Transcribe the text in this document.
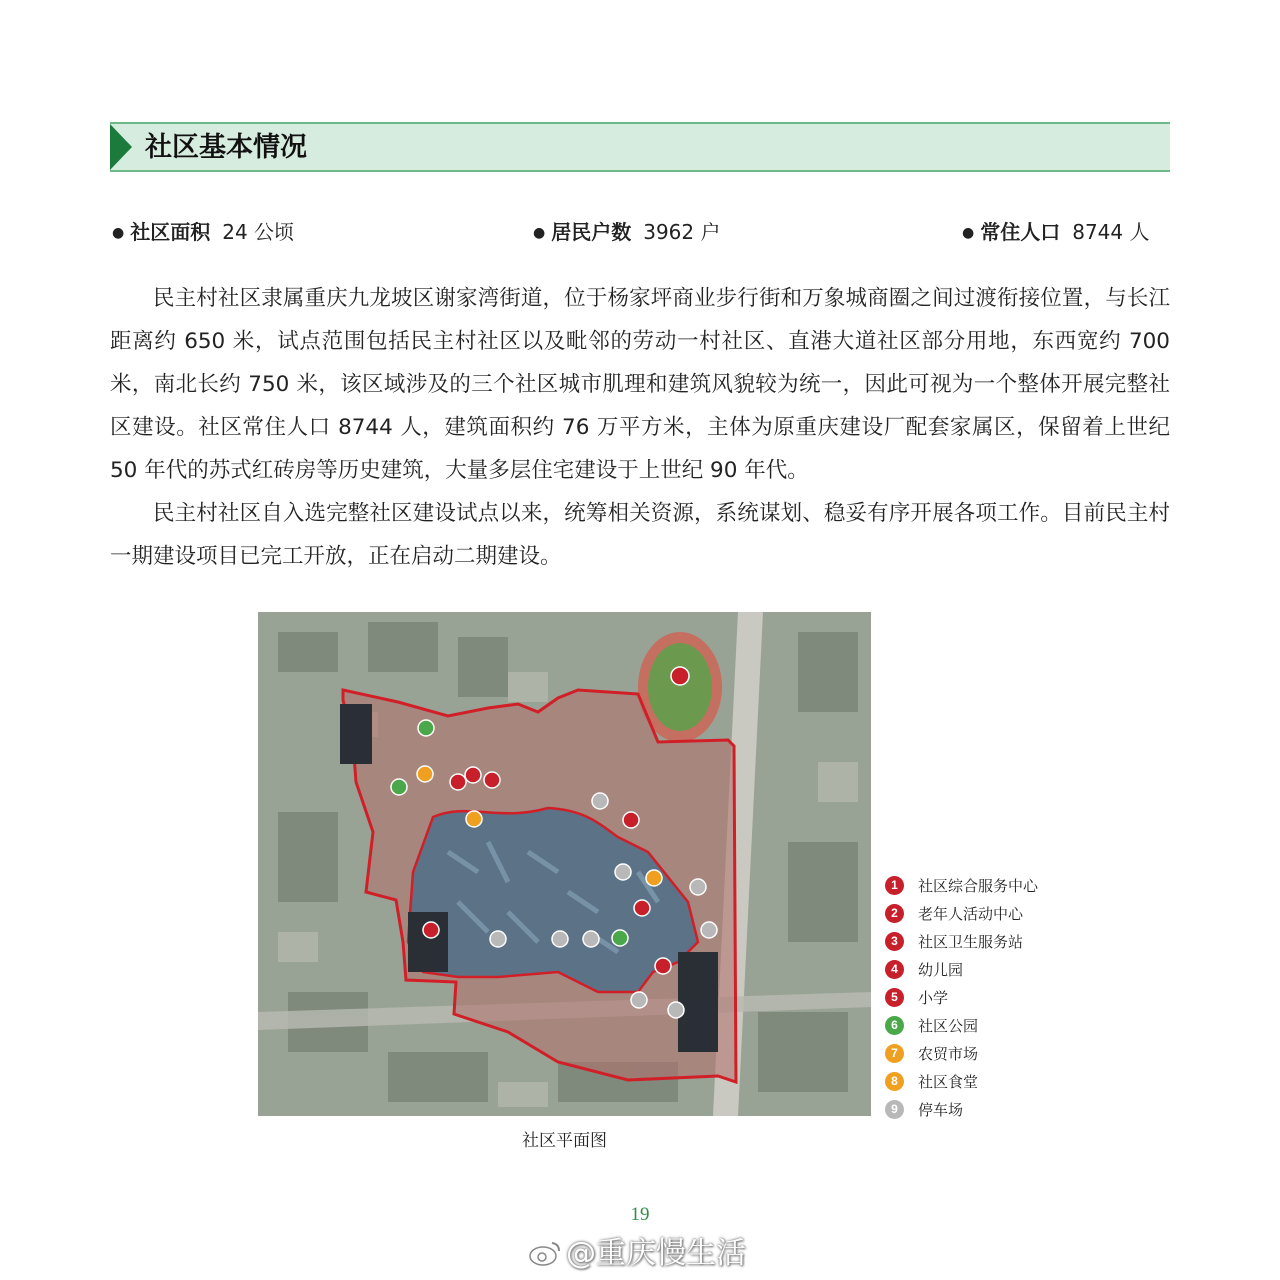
社区基本情况
● 社区面积 24 公顷	● 居民户数 3962 户	● 常住人口 8744 人

民主村社区隶属重庆九龙坡区谢家湾街道，位于杨家坪商业步行街和万象城商圈之间过渡衔接位置，与长江距离约 650 米，试点范围包括民主村社区以及毗邻的劳动一村社区、直港大道社区部分用地，东西宽约 700 米，南北长约 750 米，该区域涉及的三个社区城市肌理和建筑风貌较为统一，因此可视为一个整体开展完整社区建设。社区常住人口 8744 人，建筑面积约 76 万平方米，主体为原重庆建设厂配套家属区，保留着上世纪 50 年代的苏式红砖房等历史建筑，大量多层住宅建设于上世纪 90 年代。

民主村社区自入选完整社区建设试点以来，统筹相关资源，系统谋划、稳妥有序开展各项工作。目前民主村一期建设项目已完工开放，正在启动二期建设。

社区平面图
1	社区综合服务中心
2	老年人活动中心
3	社区卫生服务站
4	幼儿园
5	小学
6	社区公园
7	农贸市场
8	社区食堂
9	停车场
19
@重庆慢生活
